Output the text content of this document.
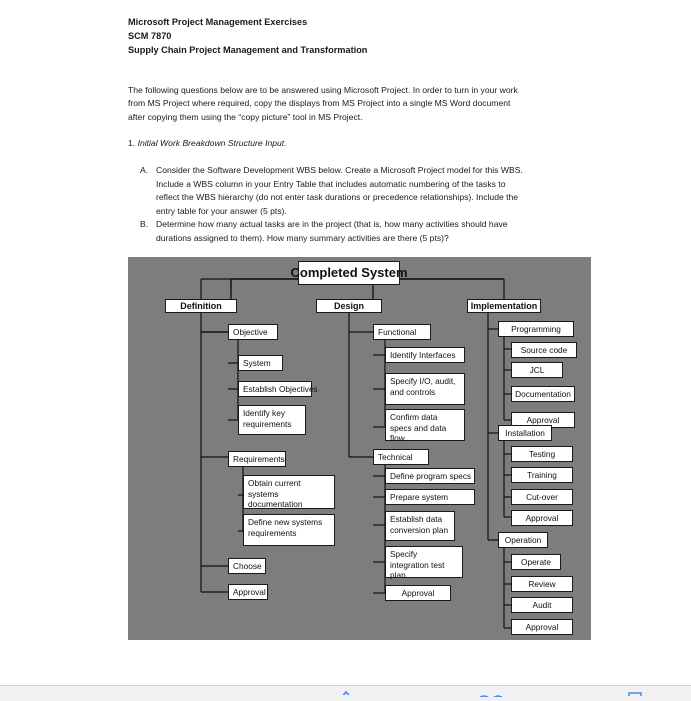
Microsoft Project Management Exercises
SCM 7870
Supply Chain Project Management and Transformation
The following questions below are to be answered using Microsoft Project. In order to turn in your work
from MS Project where required, copy the displays from MS Project into a single MS Word document
after copying them using the “copy picture” tool in MS Project.
1. Initial Work Breakdown Structure Input.
A. Consider the Software Development WBS below. Create a Microsoft Project model for this WBS.
Include a WBS column in your Entry Table that includes automatic numbering of the tasks to
reflect the WBS hierarchy (do not enter task durations or precedence relationships). Include the
entry table for your answer (5 pts).
B. Determine how many actual tasks are in the project (that is, how many activities should have
durations assigned to them). How many summary activities are there (5 pts)?
Completed System
Definition	Design	Implementation
Objective
System
Establish Objectives
Identify key requirements
Requirements
Obtain current systems documentation
Define new systems requirements
Choose
Approval
Functional
Identify Interfaces
Specify I/O, audit, and controls
Confirm data specs and data flow
Technical
Define program specs
Prepare system
Establish data conversion plan
Specify integration test plan
Approval
Programming
Source code
JCL
Documentation
Approval
Installation
Testing
Training
Cut-over
Approval
Operation
Operate
Review
Audit
Approval
